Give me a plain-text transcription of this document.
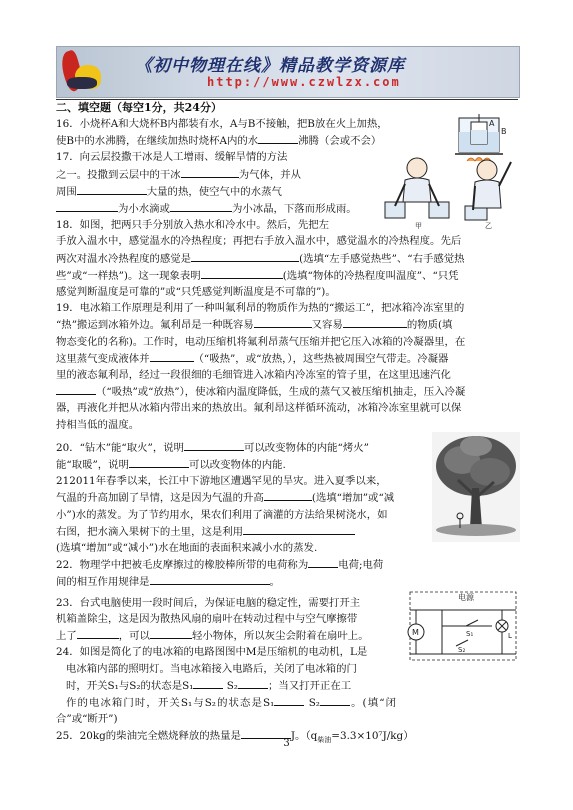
《初中物理在线》精品教学资源库
http://www.czwlzx.com
A
B
甲	乙
电源
M	S₁	L
S₂

二、填空题（每空1分，共24分）

16．小烧杯A和大烧杯B内都装有水，A与B不接触，把B放在火上加热，
使B中的水沸腾，在继续加热时烧杯A内的水	沸腾（会或不会）
17．向云层投撒干冰是人工增雨、缓解旱情的方法
之一。投撒到云层中的干冰	为气体，并从
周围	大量的热，使空气中的水蒸气
为小水滴或	为小冰晶，下落而形成雨。
18．如图，把两只手分别放入热水和冷水中。然后，先把左
手放入温水中，感觉温水的冷热程度；再把右手放入温水中，感觉温水的冷热程度。先后
两次对温水冷热程度的感觉是	(选填“左手感觉热些”、“右手感觉热
些”或“一样热”)。这一现象表明	(选填“物体的冷热程度叫温度”、“只凭
感觉判断温度是可靠的”或“只凭感觉判断温度是不可靠的”)。
19．电冰箱工作原理是利用了一种叫氟利昂的物质作为热的“搬运工”，把冰箱冷冻室里的
“热”搬运到冰箱外边。氟利昂是一种既容易	又容易	的物质(填
物态变化的名称)。工作时，电动压缩机将氟利昂蒸气压缩并把它压入冰箱的冷凝器里，在
这里蒸气变成液体并	（“吸热”，或“放热，），这些热被周围空气带走。冷凝器
里的液态氟利昂，经过一段很细的毛细管进入冰箱内冷冻室的管子里，在这里迅速汽化
（“吸热”或“放热”），使冰箱内温度降低，生成的蒸气又被压缩机抽走，压入冷凝
器，再液化并把从冰箱内带出来的热放出。氟利昂这样循环流动，冰箱冷冻室里就可以保
持相当低的温度。
20．“钻木”能“取火”，说明	可以改变物体的内能“烤火”
能“取暖”，说明	可以改变物体的内能.
212011年春季以来，长江中下游地区遭遇罕见的旱灾。进入夏季以来，
气温的升高加剧了旱情，这是因为气温的升高	(选填“增加”或“减
小”)水的蒸发。为了节约用水，果农们利用了滴灌的方法给果树浇水，如
右图，把水滴入果树下的土里，这是利用
(选填“增加”或“减小”)水在地面的表面积来减小水的蒸发.
22．物理学中把被毛皮摩擦过的橡胶棒所带的电荷称为	电荷;电荷
间的相互作用规律是	。
23．台式电脑使用一段时间后，为保证电脑的稳定性，需要打开主
机箱盖除尘，这是因为散热风扇的扇叶在转动过程中与空气摩擦带
上了	，可以	轻小物体，所以灰尘会附着在扇叶上。
24．如图是简化了的电冰箱的电路图图中M是压缩机的电动机，L是
电冰箱内部的照明灯。当电冰箱接入电路后，关闭了电冰箱的门
时，开关S₁与S₂的状态是S₁	S₂	；当又打开正在工
作的电冰箱门时，开关S₁与S₂的状态是S₁	S₂	。(填“闭合”或“断开”)
25．20kg的柴油完全燃烧释放的热量是	J。$(q_{柴油}=3.3\times 10^7J/kg)$
3
